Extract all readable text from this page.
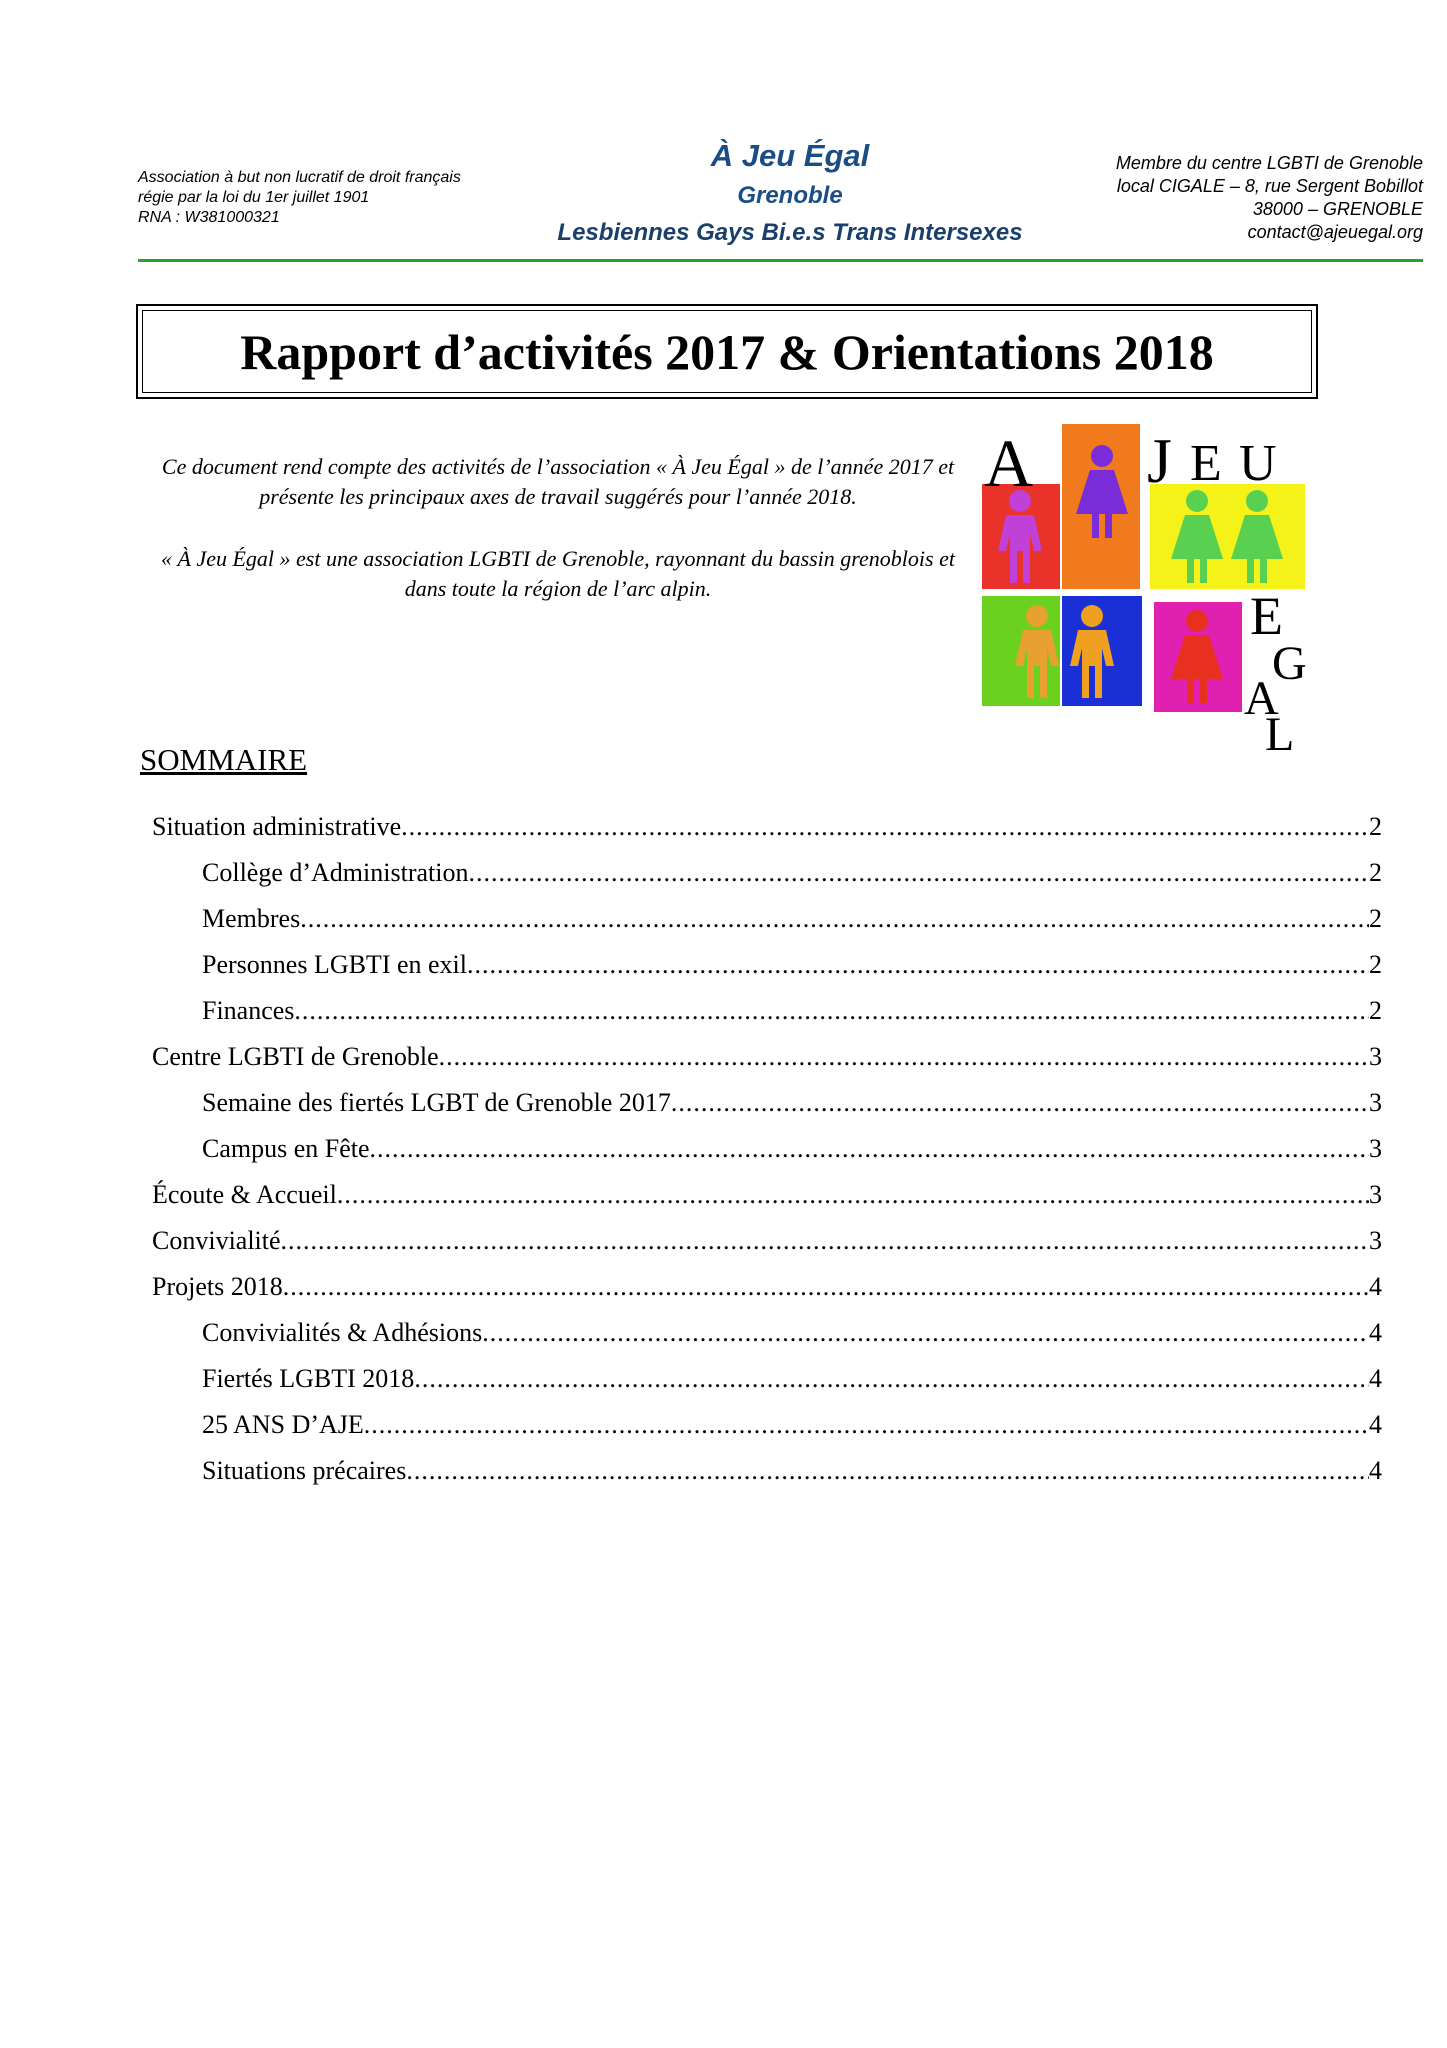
Association à but non lucratif de droit français
régie par la loi du 1er juillet 1901
RNA : W381000321
À Jeu Égal
Grenoble
Lesbiennes Gays Bi.e.s Trans Intersexes
Membre du centre LGBTI de Grenoble
local CIGALE – 8, rue Sergent Bobillot
38000 – GRENOBLE
contact@ajeuegal.org
Rapport d’activités 2017 & Orientations 2018

Ce document rend compte des activités de l’association « À Jeu Égal » de l’année 2017 et présente les principaux axes de travail suggérés pour l’année 2018.

« À Jeu Égal » est une association LGBTI de Grenoble, rayonnant du bassin grenoblois et dans toute la région de l’arc alpin.

A J E U
E
G
A
L
SOMMAIRE
Situation administrative .....	2
Collège d’Administration .....	2
Membres .....	2
Personnes LGBTI en exil .....	2
Finances .....	2
Centre LGBTI de Grenoble .....	3
Semaine des fiertés LGBT de Grenoble 2017 .....	3
Campus en Fête .....	3
Écoute & Accueil .....	3
Convivialité .....	3
Projets 2018 .....	4
Convivialités & Adhésions .....	4
Fiertés LGBTI 2018 .....	4
25 ANS D’AJE .....	4
Situations précaires .....	4
